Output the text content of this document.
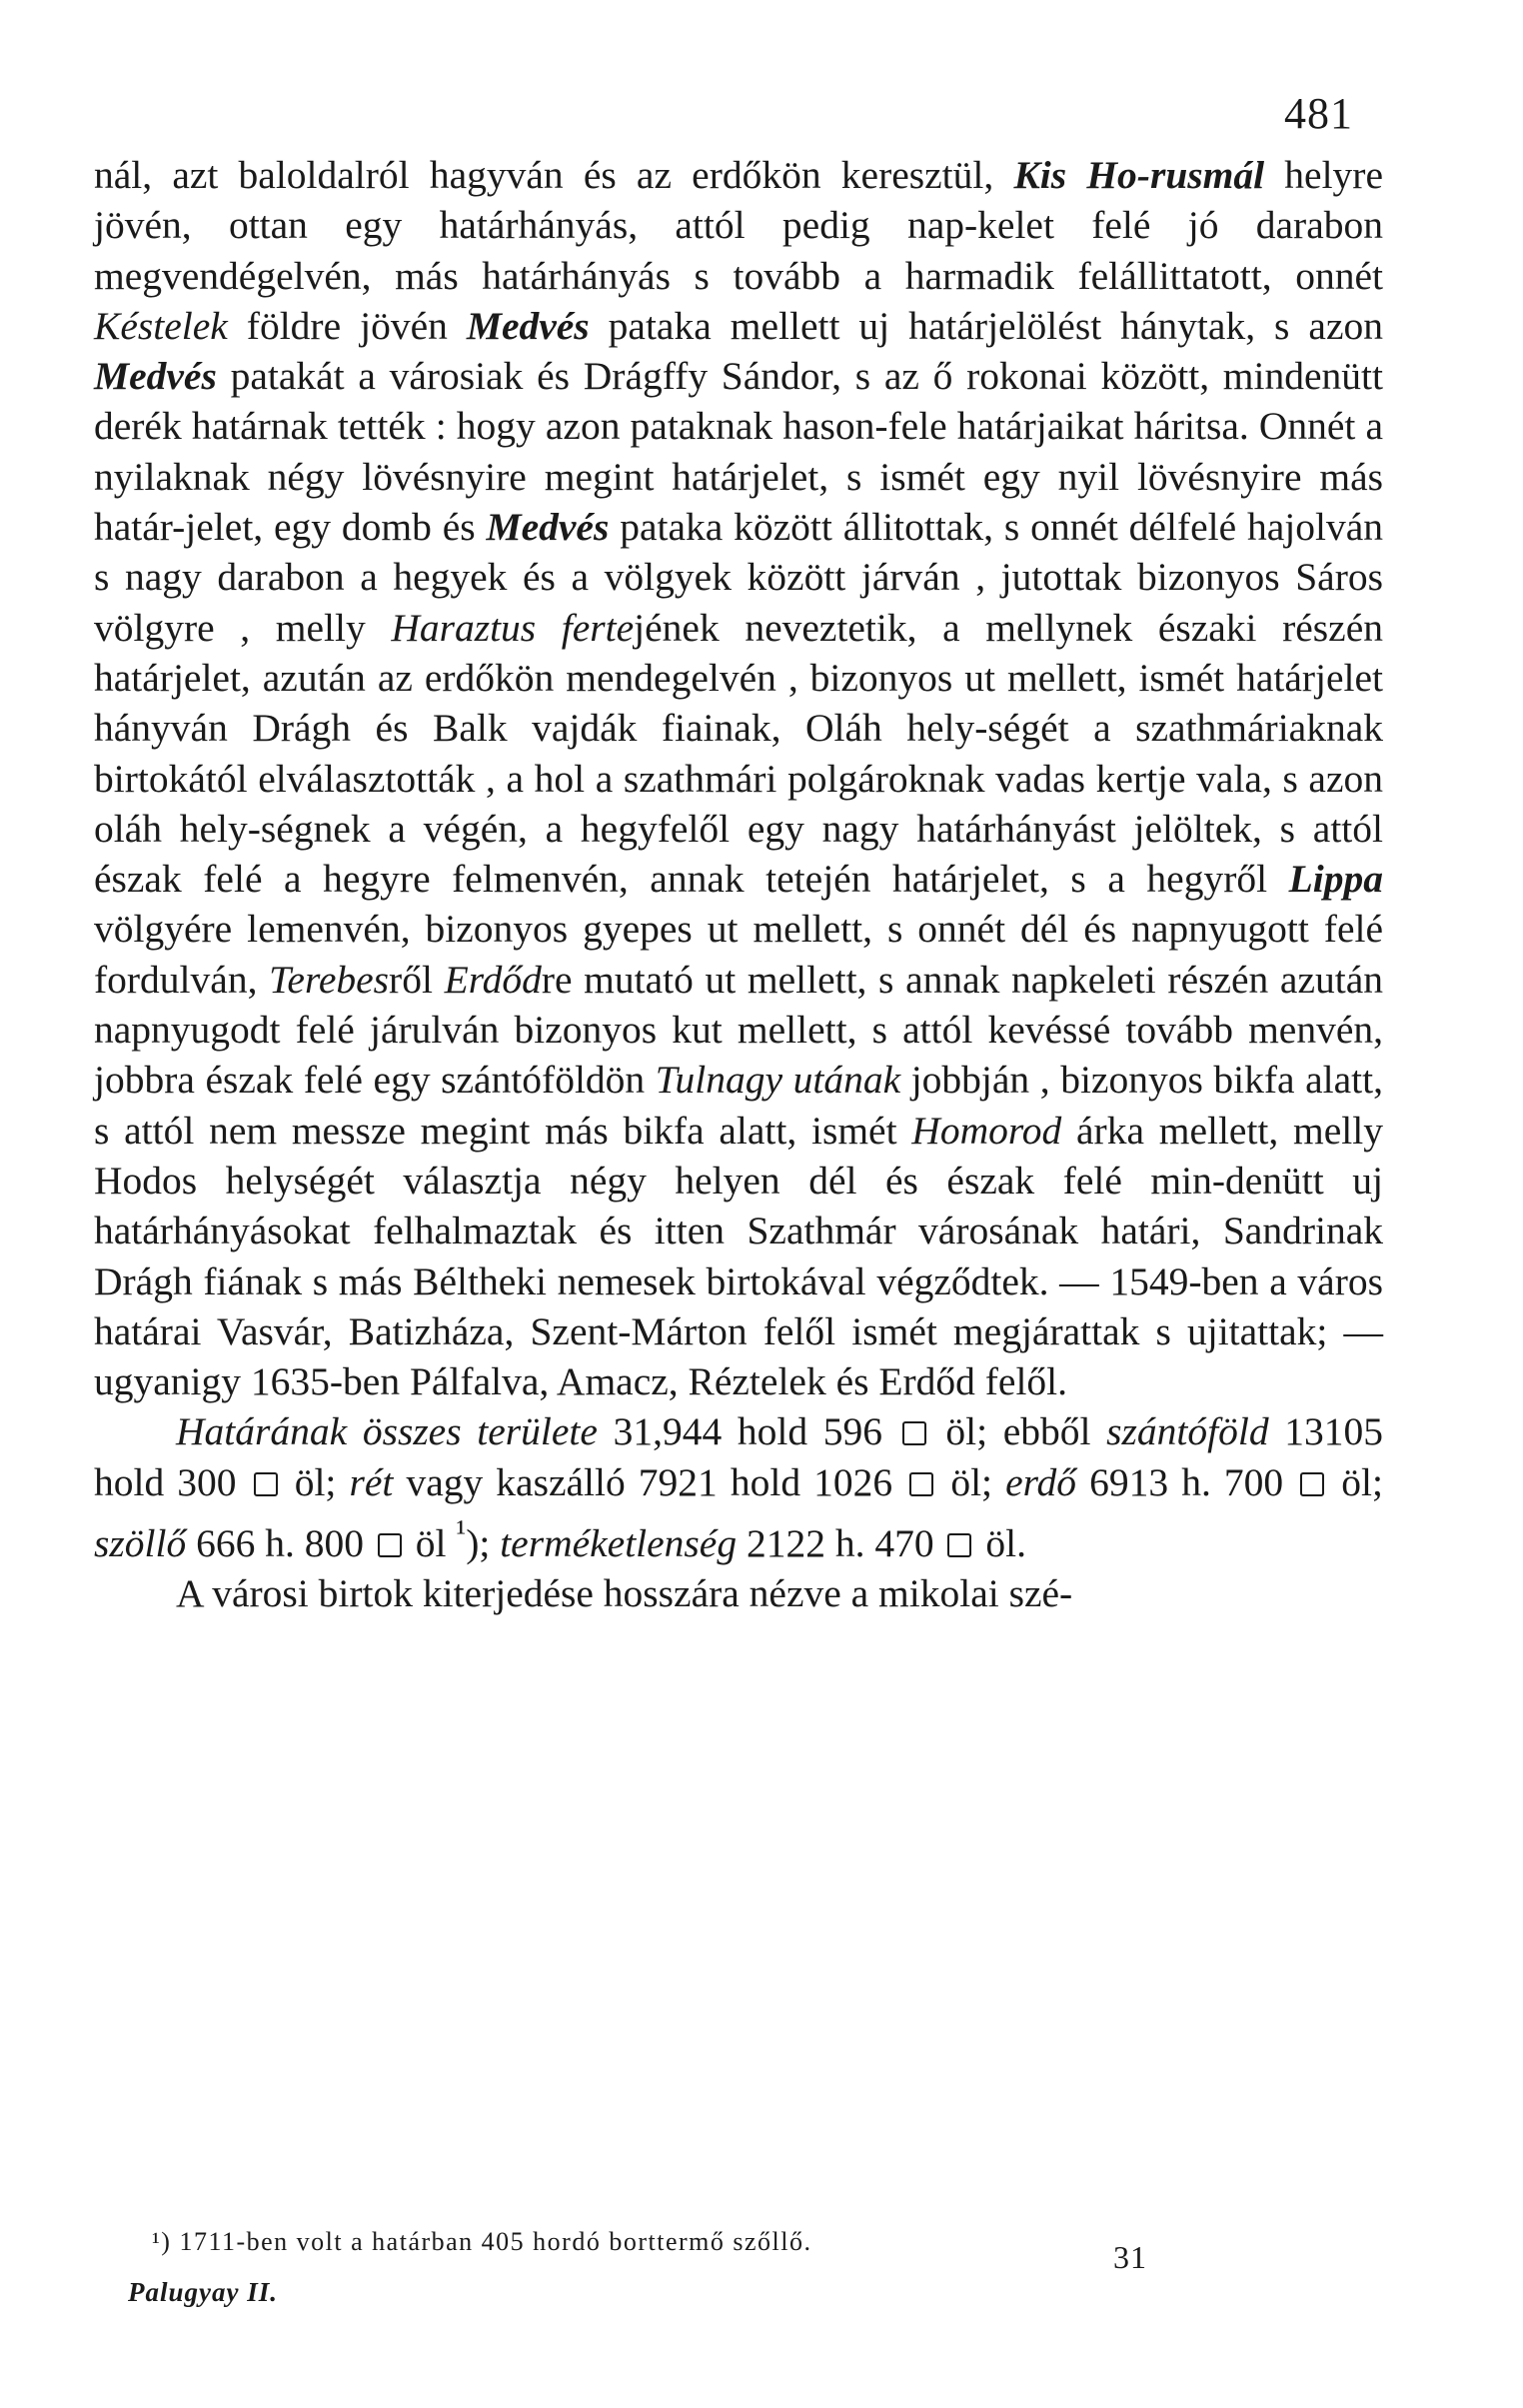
481

nál, azt baloldalról hagyván és az erdőkön keresztül, Kis Ho-rusmál helyre jövén, ottan egy határhányás, attól pedig nap-kelet felé jó darabon megvendégelvén, más határhányás s tovább a harmadik felállittatott, onnét Késtelek földre jövén Medvés pataka mellett uj határjelölést hánytak, s azon Medvés patakát a városiak és Drágffy Sándor, s az ő rokonai között, mindenütt derék határnak tették : hogy azon pataknak hason-fele határjaikat háritsa. Onnét a nyilaknak négy lövésnyire megint határjelet, s ismét egy nyil lövésnyire más határ-jelet, egy domb és Medvés pataka között állitottak, s onnét délfelé hajolván s nagy darabon a hegyek és a völgyek között járván , jutottak bizonyos Sáros völgyre , melly Haraztus fertejének neveztetik, a mellynek északi részén határjelet, azután az erdőkön mendegelvén , bizonyos ut mellett, ismét határjelet hányván Drágh és Balk vajdák fiainak, Oláh hely-ségét a szathmáriaknak birtokától elválasztották , a hol a szathmári polgároknak vadas kertje vala, s azon oláh hely-ségnek a végén, a hegyfelől egy nagy határhányást jelöltek, s attól észak felé a hegyre felmenvén, annak tetején határjelet, s a hegyről Lippa völgyére lemenvén, bizonyos gyepes ut mellett, s onnét dél és napnyugott felé fordulván, Terebesről Erdődre mutató ut mellett, s annak napkeleti részén azután napnyugodt felé járulván bizonyos kut mellett, s attól kevéssé tovább menvén, jobbra észak felé egy szántóföldön Tulnagy utának jobbján , bizonyos bikfa alatt, s attól nem messze megint más bikfa alatt, ismét Homorod árka mellett, melly Hodos helységét választja négy helyen dél és észak felé min-denütt uj határhányásokat felhalmaztak és itten Szathmár városának határi, Sandrinak Drágh fiának s más Béltheki nemesek birtokával végződtek. — 1549-ben a város határai Vasvár, Batizháza, Szent-Márton felől ismét megjárattak s ujitattak; — ugyanigy 1635-ben Pálfalva, Amacz, Réztelek és Erdőd felől.

Határának összes területe 31,944 hold 596  öl; ebből szántóföld 13105 hold 300  öl; rét vagy kaszálló 7921 hold 1026  öl; erdő 6913 h. 700  öl; szöllő 666 h. 800  öl $^{^1}$); terméketlenség 2122 h. 470  öl.

A városi birtok kiterjedése hosszára nézve a mikolai szé-

¹) 1711-ben volt a határban 405 hordó borttermő szőllő.	31
Palugyay II.
